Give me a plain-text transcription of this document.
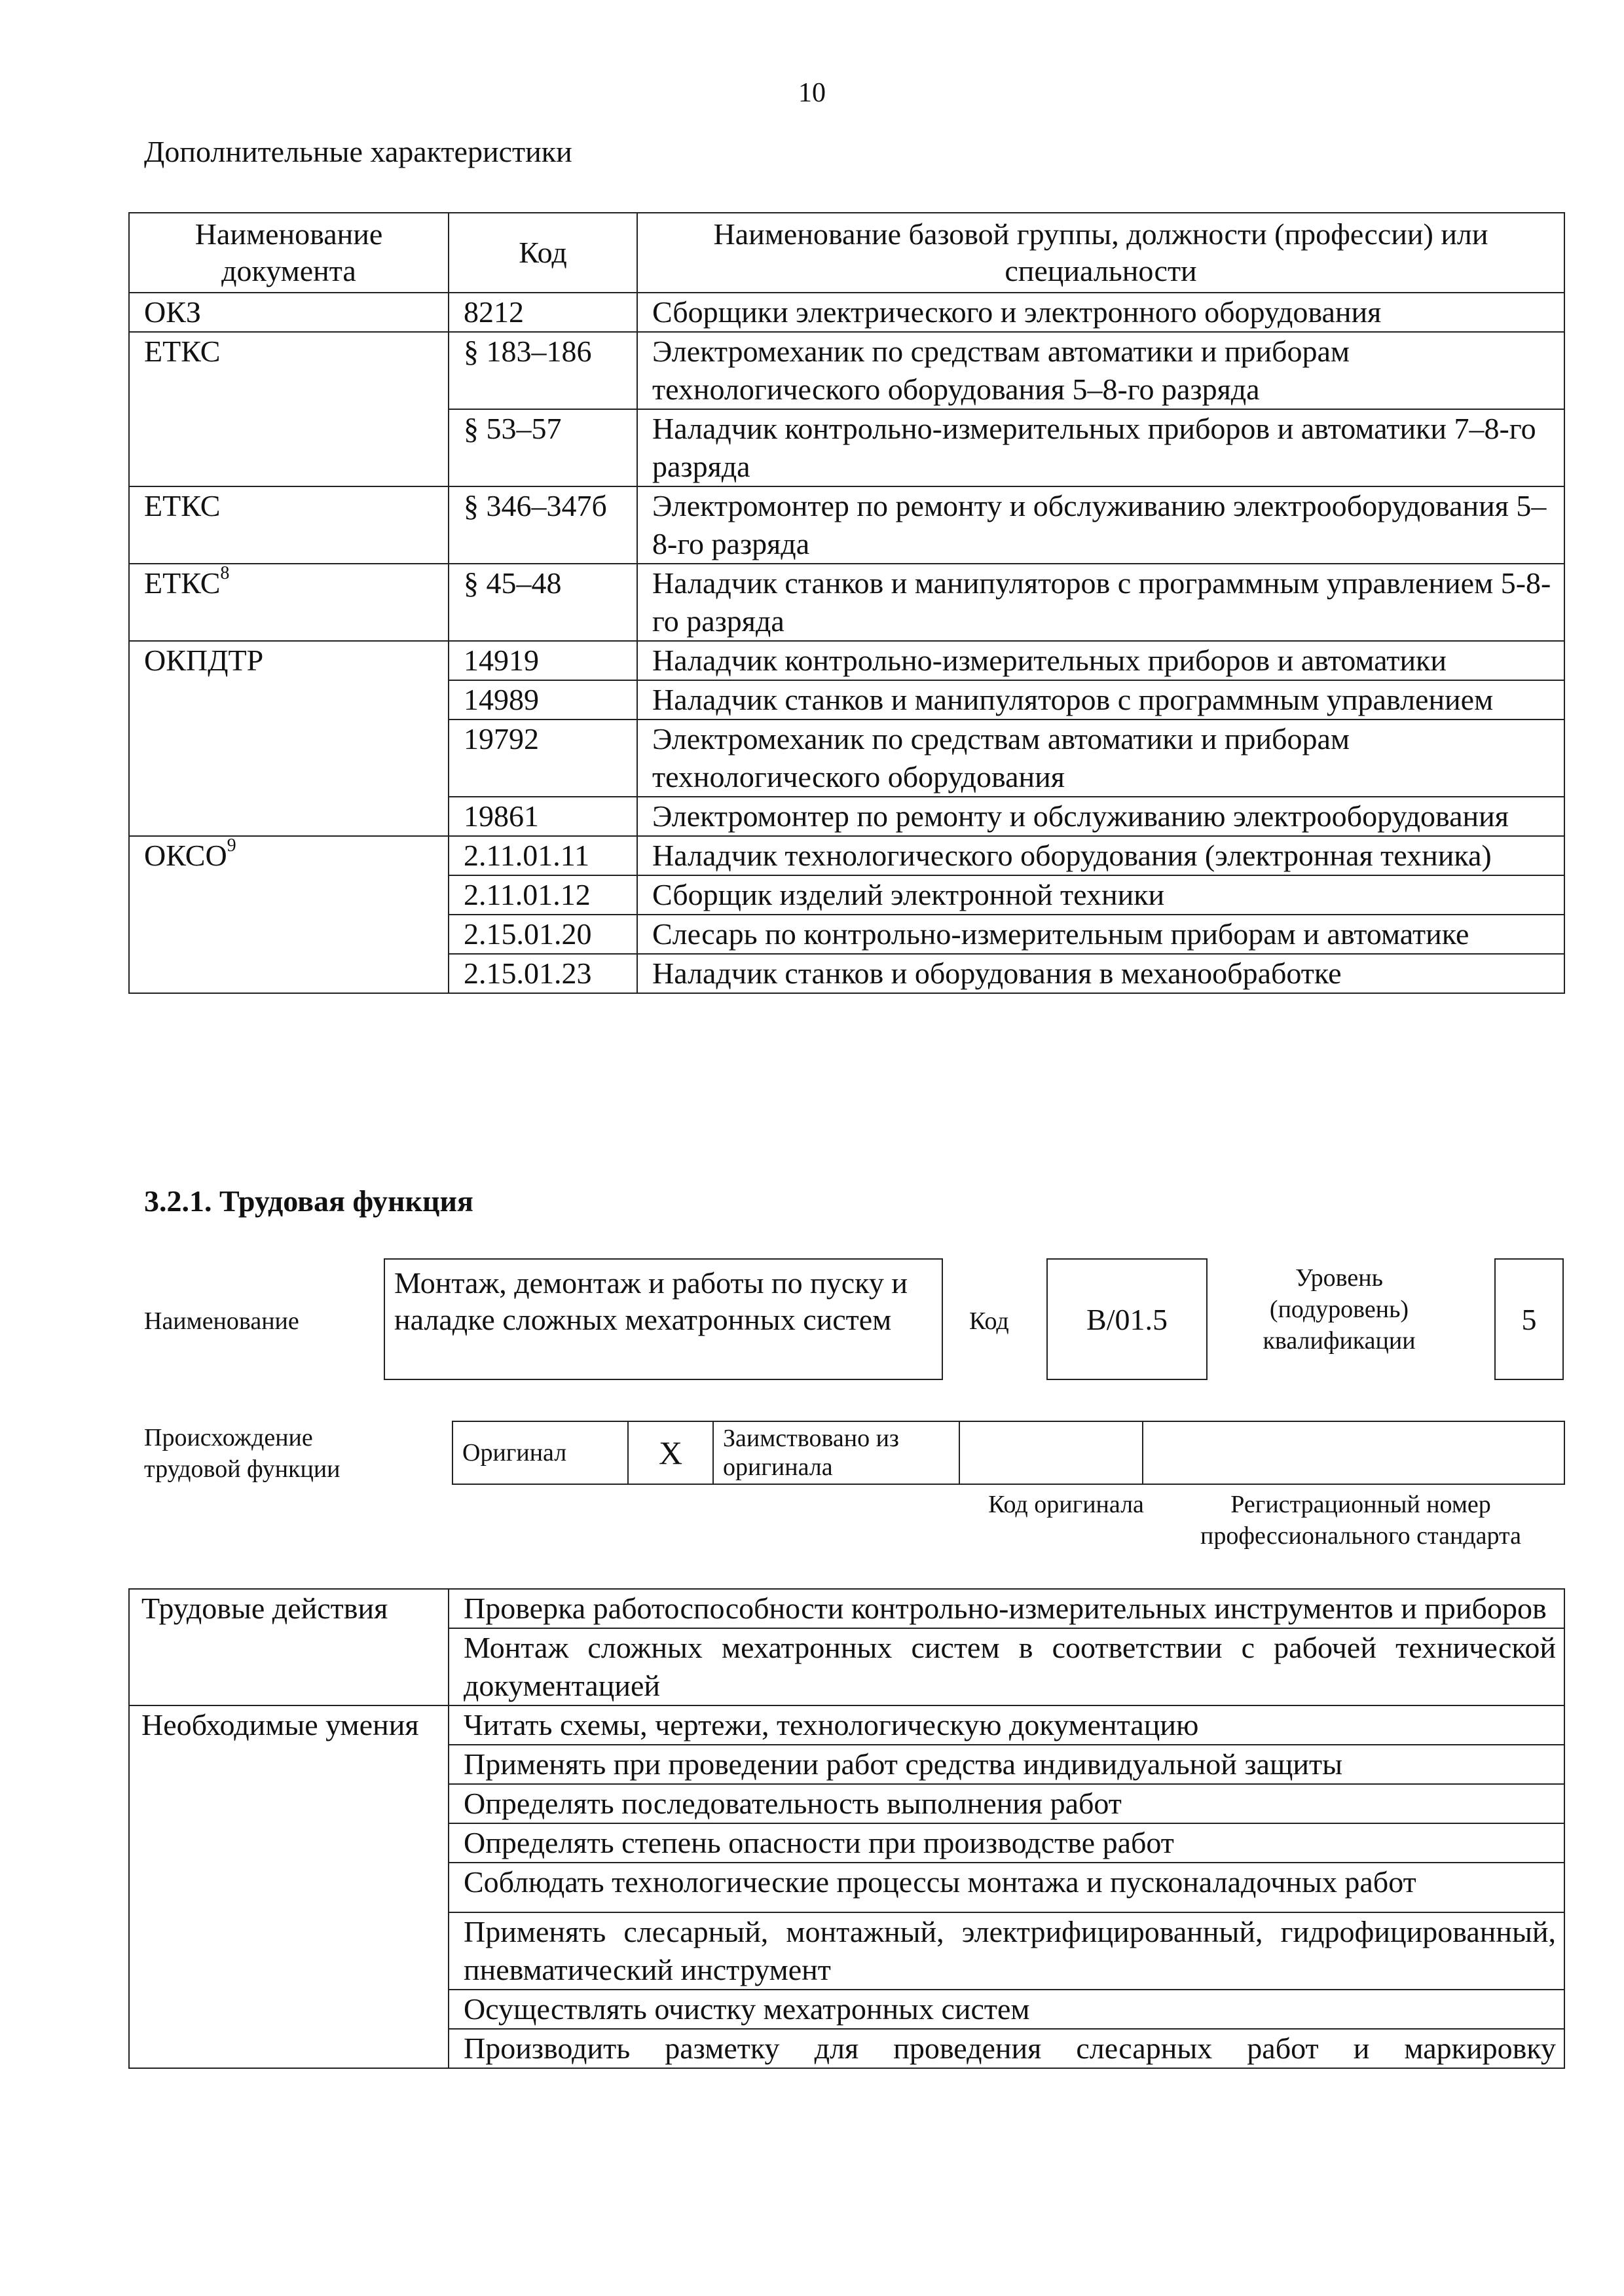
10
Дополнительные характеристики
Наименование документа	Код	Наименование базовой группы, должности (профессии) или специальности
ОКЗ	8212	Сборщики электрического и электронного оборудования
ЕТКС	§ 183–186	Электромеханик по средствам автоматики и приборам технологического оборудования 5–8-го разряда
	§ 53–57	Наладчик контрольно-измерительных приборов и автоматики 7–8-го разряда
ЕТКС	§ 346–347б	Электромонтер по ремонту и обслуживанию электрооборудования 5–8-го разряда
ЕТКС$^8$	§ 45–48	Наладчик станков и манипуляторов с программным управлением 5-8-го разряда
ОКПДТР	14919	Наладчик контрольно-измерительных приборов и автоматики
	14989	Наладчик станков и манипуляторов с программным управлением
	19792	Электромеханик по средствам автоматики и приборам технологического оборудования
	19861	Электромонтер по ремонту и обслуживанию электрооборудования
ОКСО$^9$	2.11.01.11	Наладчик технологического оборудования (электронная техника)
	2.11.01.12	Сборщик изделий электронной техники
	2.15.01.20	Слесарь по контрольно-измерительным приборам и автоматике
	2.15.01.23	Наладчик станков и оборудования в механообработке
3.2.1. Трудовая функция
Наименование
Монтаж, демонтаж и работы по пуску и наладке сложных мехатронных систем	Код	B/01.5
Уровень (подуровень) квалификации
5
Происхождение трудовой функции
Оригинал	X	Заимствовано из оригинала		
Код оригинала	Регистрационный номер профессионального стандарта
Трудовые действия	Проверка работоспособности контрольно-измерительных инструментов и приборов
	Монтаж сложных мехатронных систем в соответствии с рабочей технической документацией
Необходимые умения	Читать схемы, чертежи, технологическую документацию
	Применять при проведении работ средства индивидуальной защиты
	Определять последовательность выполнения работ
	Определять степень опасности при производстве работ
	Соблюдать технологические процессы монтажа и пусконаладочных работ
	Применять слесарный, монтажный, электрифицированный, гидрофицированный, пневматический инструмент
	Осуществлять очистку мехатронных систем
	Производить разметку для проведения слесарных работ и маркировку
